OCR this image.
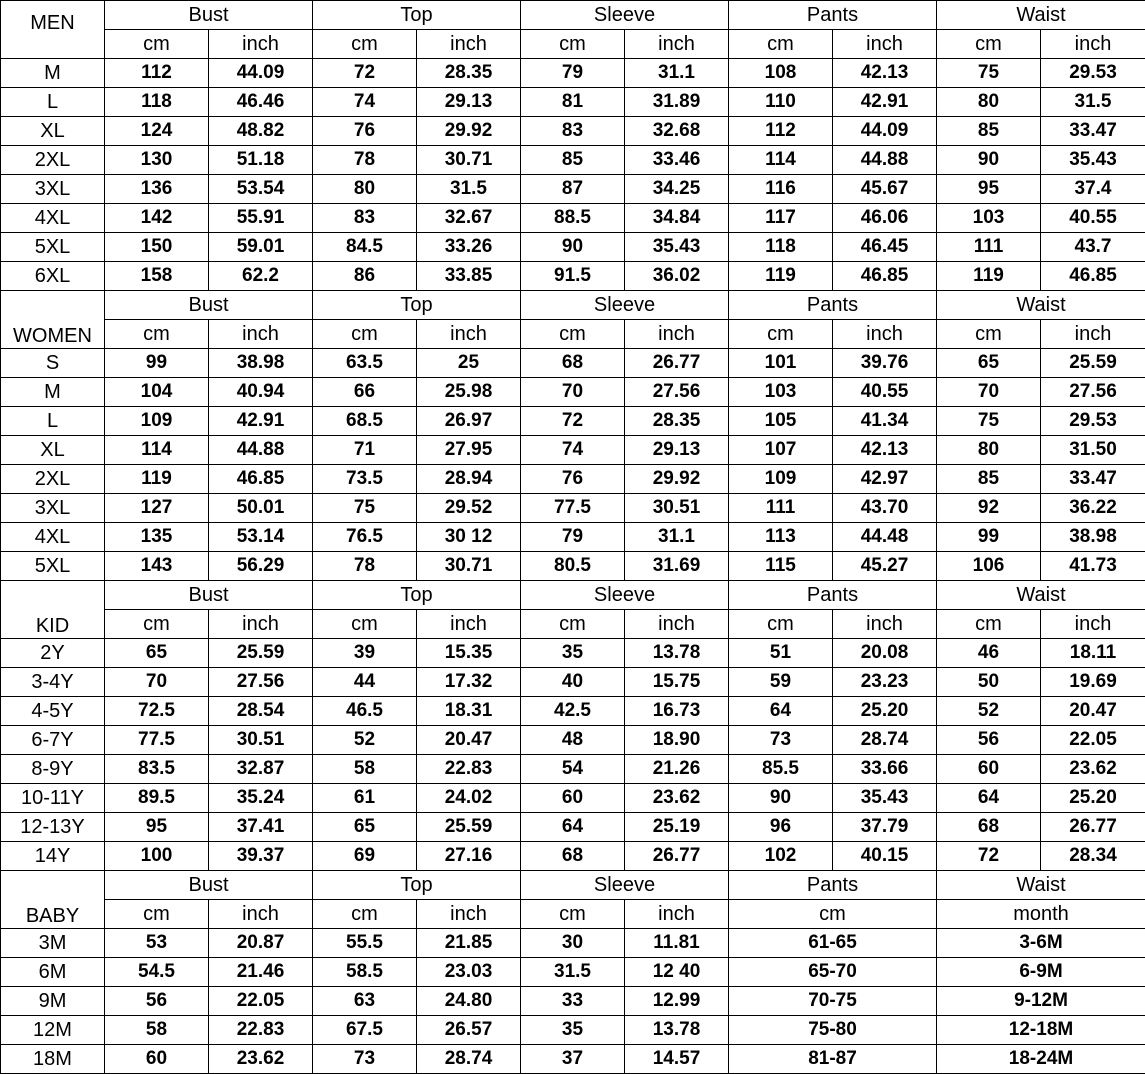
MEN	Bust		Top		Sleeve		Pants		Waist	
	cm	inch	cm	inch	cm	inch	cm	inch	cm	inch
M	112	44.09	72	28.35	79	31.1	108	42.13	75	29.53
L	118	46.46	74	29.13	81	31.89	110	42.91	80	31.5
XL	124	48.82	76	29.92	83	32.68	112	44.09	85	33.47
2XL	130	51.18	78	30.71	85	33.46	114	44.88	90	35.43
3XL	136	53.54	80	31.5	87	34.25	116	45.67	95	37.4
4XL	142	55.91	83	32.67	88.5	34.84	117	46.06	103	40.55
5XL	150	59.01	84.5	33.26	90	35.43	118	46.45	111	43.7
6XL	158	62.2	86	33.85	91.5	36.02	119	46.85	119	46.85
WOMEN	Bust		Top		Sleeve		Pants		Waist	
	cm	inch	cm	inch	cm	inch	cm	inch	cm	inch
S	99	38.98	63.5	25	68	26.77	101	39.76	65	25.59
M	104	40.94	66	25.98	70	27.56	103	40.55	70	27.56
L	109	42.91	68.5	26.97	72	28.35	105	41.34	75	29.53
XL	114	44.88	71	27.95	74	29.13	107	42.13	80	31.50
2XL	119	46.85	73.5	28.94	76	29.92	109	42.97	85	33.47
3XL	127	50.01	75	29.52	77.5	30.51	111	43.70	92	36.22
4XL	135	53.14	76.5	30 12	79	31.1	113	44.48	99	38.98
5XL	143	56.29	78	30.71	80.5	31.69	115	45.27	106	41.73
KID	Bust		Top		Sleeve		Pants		Waist	
	cm	inch	cm	inch	cm	inch	cm	inch	cm	inch
2Y	65	25.59	39	15.35	35	13.78	51	20.08	46	18.11
3-4Y	70	27.56	44	17.32	40	15.75	59	23.23	50	19.69
4-5Y	72.5	28.54	46.5	18.31	42.5	16.73	64	25.20	52	20.47
6-7Y	77.5	30.51	52	20.47	48	18.90	73	28.74	56	22.05
8-9Y	83.5	32.87	58	22.83	54	21.26	85.5	33.66	60	23.62
10-11Y	89.5	35.24	61	24.02	60	23.62	90	35.43	64	25.20
12-13Y	95	37.41	65	25.59	64	25.19	96	37.79	68	26.77
14Y	100	39.37	69	27.16	68	26.77	102	40.15	72	28.34
BABY	Bust		Top		Sleeve		Pants		Waist	
	cm	inch	cm	inch	cm	inch	cm		month	
3M	53	20.87	55.5	21.85	30	11.81	61-65		3-6M	
6M	54.5	21.46	58.5	23.03	31.5	12 40	65-70		6-9M	
9M	56	22.05	63	24.80	33	12.99	70-75		9-12M	
12M	58	22.83	67.5	26.57	35	13.78	75-80		12-18M	
18M	60	23.62	73	28.74	37	14.57	81-87		18-24M	
